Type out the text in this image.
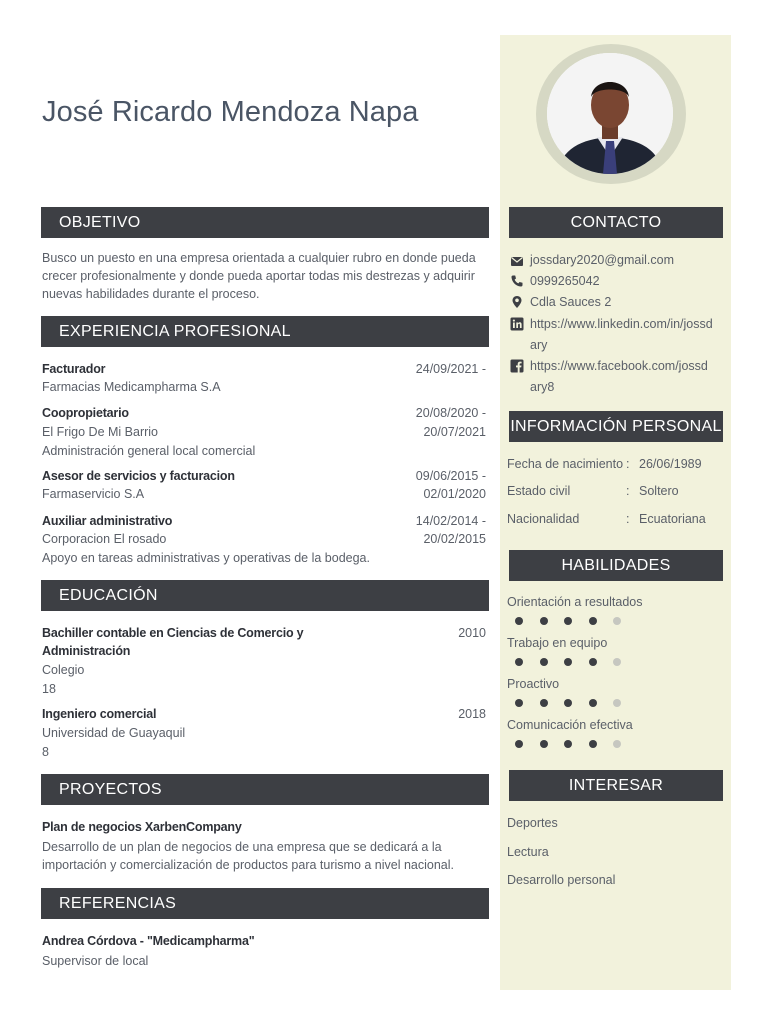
José Ricardo Mendoza Napa
OBJETIVO
Busco un puesto en una empresa orientada a cualquier rubro en donde pueda
crecer profesionalmente y donde pueda aportar todas mis destrezas y adquirir
nuevas habilidades durante el proceso.
EXPERIENCIA PROFESIONAL
Facturador	24/09/2021 -
Farmacias Medicampharma S.A
Coopropietario	20/08/2020 -
El Frigo De Mi Barrio	20/07/2021
Administración general local comercial
Asesor de servicios y facturacion	09/06/2015 -
Farmaservicio S.A	02/01/2020
Auxiliar administrativo	14/02/2014 -
Corporacion El rosado	20/02/2015
Apoyo en tareas administrativas y operativas de la bodega.
EDUCACIÓN
Bachiller contable en Ciencias de Comercio y	2010
Administración
Colegio
18
Ingeniero comercial	2018
Universidad de Guayaquil
8
PROYECTOS
Plan de negocios XarbenCompany
Desarrollo de un plan de negocios de una empresa que se dedicará a la
importación y comercialización de productos para turismo a nivel nacional.
REFERENCIAS
Andrea Córdova - "Medicampharma"
Supervisor de local
CONTACTO
jossdary2020@gmail.com
0999265042
Cdla Sauces 2
https://www.linkedin.com/in/jossd
ary
https://www.facebook.com/jossd
ary8
INFORMACIÓN PERSONAL
Fecha de nacimiento : 26/06/1989
Estado civil	: Soltero
Nacionalidad	: Ecuatoriana
HABILIDADES
Orientación a resultados
Trabajo en equipo
Proactivo
Comunicación efectiva
INTERESAR
Deportes
Lectura
Desarrollo personal
